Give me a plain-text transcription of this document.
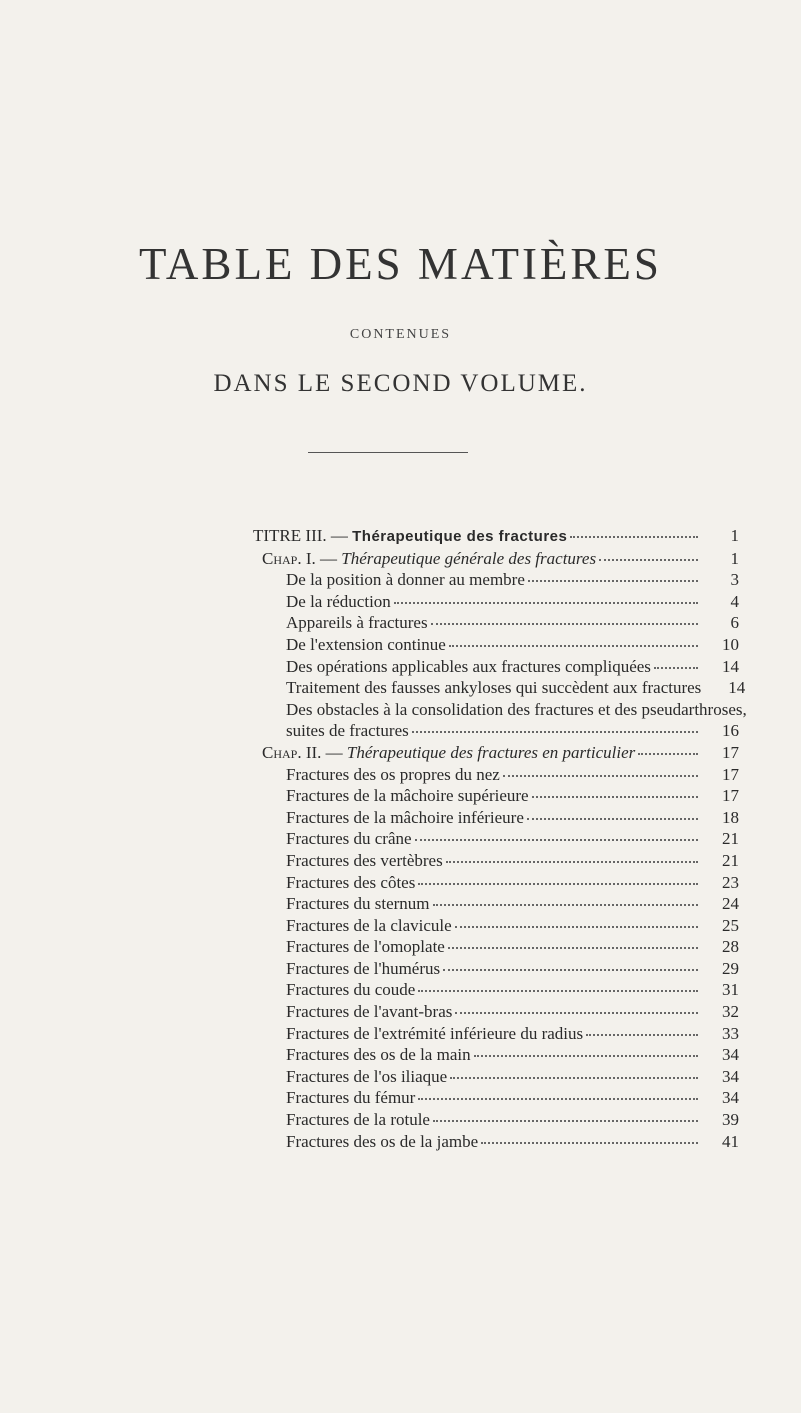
TABLE DES MATIÈRES
CONTENUES
DANS LE SECOND VOLUME.
TITRE III. — Thérapeutique des fractures	1
Chap. I. — Thérapeutique générale des fractures	1
De la position à donner au membre	3
De la réduction	4
Appareils à fractures	6
De l'extension continue	10
Des opérations applicables aux fractures compliquées	14
Traitement des fausses ankyloses qui succèdent aux fractures	14
Des obstacles à la consolidation des fractures et des pseudarthroses,
suites de fractures	16
Chap. II. — Thérapeutique des fractures en particulier	17
Fractures des os propres du nez	17
Fractures de la mâchoire supérieure	17
Fractures de la mâchoire inférieure	18
Fractures du crâne	21
Fractures des vertèbres	21
Fractures des côtes	23
Fractures du sternum	24
Fractures de la clavicule	25
Fractures de l'omoplate	28
Fractures de l'humérus	29
Fractures du coude	31
Fractures de l'avant-bras	32
Fractures de l'extrémité inférieure du radius	33
Fractures des os de la main	34
Fractures de l'os iliaque	34
Fractures du fémur	34
Fractures de la rotule	39
Fractures des os de la jambe	41
